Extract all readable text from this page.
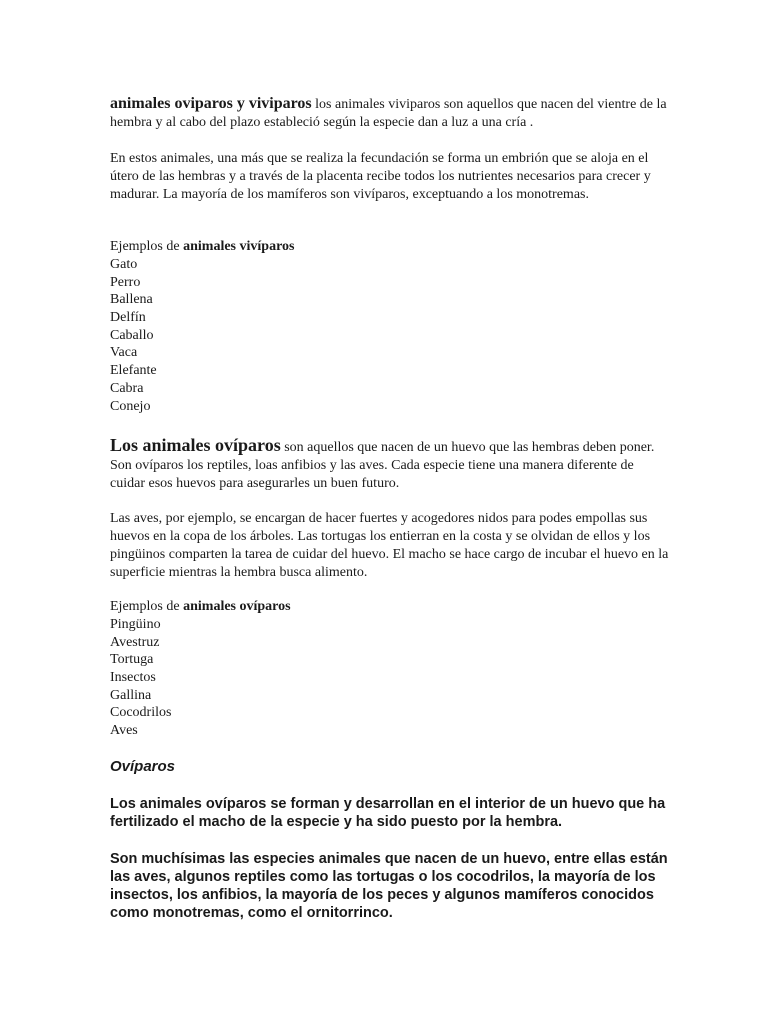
animales oviparos y viviparos los animales viviparos son aquellos que nacen del vientre de la hembra y al cabo del plazo estableció según la especie dan a luz a una cría .

En estos animales, una más que se realiza la fecundación se forma un embrión que se aloja en el útero de las hembras y a través de la placenta recibe todos los nutrientes necesarios para crecer y madurar. La mayoría de los mamíferos son vivíparos, exceptuando a los monotremas.

Ejemplos de animales vivíparos
Gato
Perro
Ballena
Delfín
Caballo
Vaca
Elefante
Cabra
Conejo

Los animales ovíparos son aquellos que nacen de un huevo que las hembras deben poner. Son ovíparos los reptiles, loas anfibios y las aves. Cada especie tiene una manera diferente de cuidar esos huevos para asegurarles un buen futuro.

Las aves, por ejemplo, se encargan de hacer fuertes y acogedores nidos para podes empollas sus huevos en la copa de los árboles. Las tortugas los entierran en la costa y se olvidan de ellos y los pingüinos comparten la tarea de cuidar del huevo. El macho se hace cargo de incubar el huevo en la superficie mientras la hembra busca alimento.

Ejemplos de animales ovíparos
Pingüino
Avestruz
Tortuga
Insectos
Gallina
Cocodrilos
Aves
Ovíparos

Los animales ovíparos se forman y desarrollan en el interior de un huevo que ha fertilizado el macho de la especie y ha sido puesto por la hembra.

Son muchísimas las especies animales que nacen de un huevo, entre ellas están las aves, algunos reptiles como las tortugas o los cocodrilos, la mayoría de los insectos, los anfibios, la mayoría de los peces y algunos mamíferos conocidos como monotremas, como el ornitorrinco.
